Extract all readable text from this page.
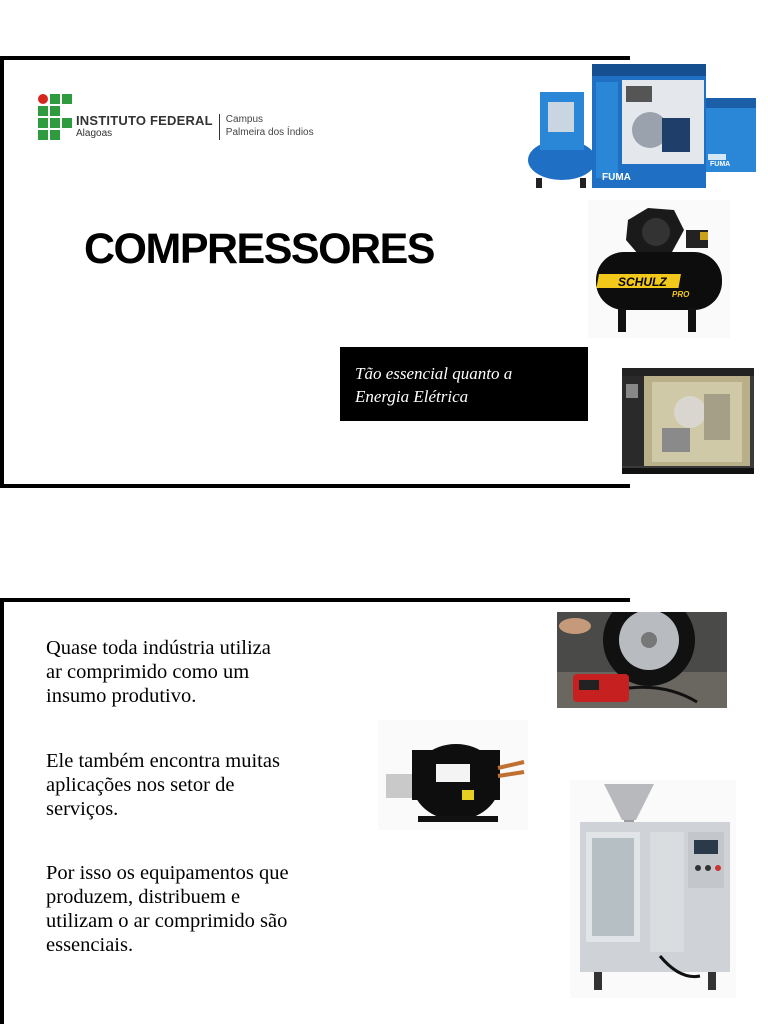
INSTITUTO FEDERAL
Alagoas
Campus
Palmeira dos Índios
COMPRESSORES
Tão essencial quanto a
Energia Elétrica
FUMA
FUMA
SCHULZ
PRO
Quase toda indústria utiliza
ar comprimido como um
insumo produtivo.
Ele também encontra muitas
aplicações nos setor de
serviços.
Por isso os equipamentos que
produzem, distribuem e
utilizam o ar comprimido são
essenciais.
